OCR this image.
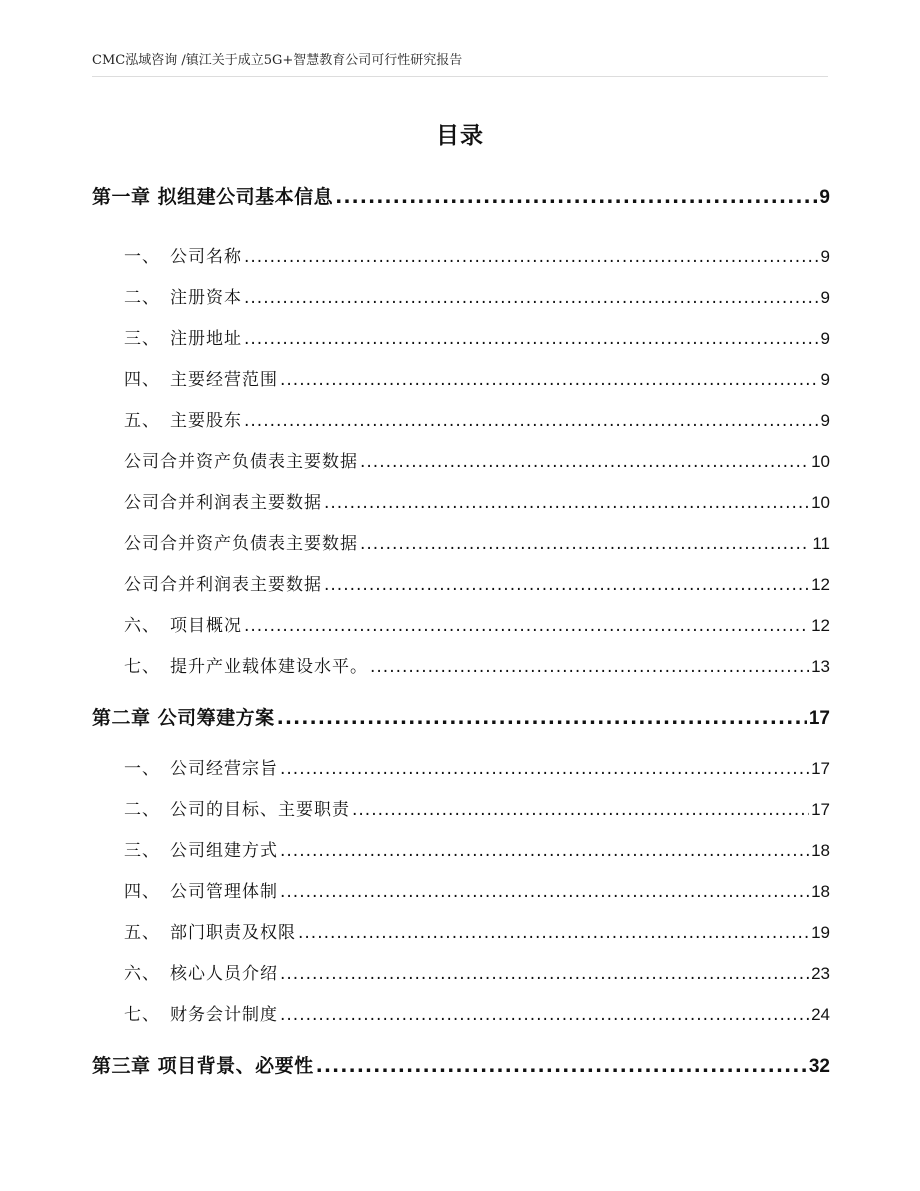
CMC泓域咨询 /镇江关于成立5G+智慧教育公司可行性研究报告
目录
第一章 拟组建公司基本信息 .....	9
一、 公司名称 .....	9
二、 注册资本 .....	9
三、 注册地址 .....	9
四、 主要经营范围 .....	9
五、 主要股东 .....	9
公司合并资产负债表主要数据 .....	10
公司合并利润表主要数据 .....	10
公司合并资产负债表主要数据 .....	11
公司合并利润表主要数据 .....	12
六、 项目概况 .....	12
七、 提升产业载体建设水平。 .....	13
第二章 公司筹建方案 .....	17
一、 公司经营宗旨 .....	17
二、 公司的目标、主要职责 .....	17
三、 公司组建方式 .....	18
四、 公司管理体制 .....	18
五、 部门职责及权限 .....	19
六、 核心人员介绍 .....	23
七、 财务会计制度 .....	24
第三章 项目背景、必要性 .....	32
